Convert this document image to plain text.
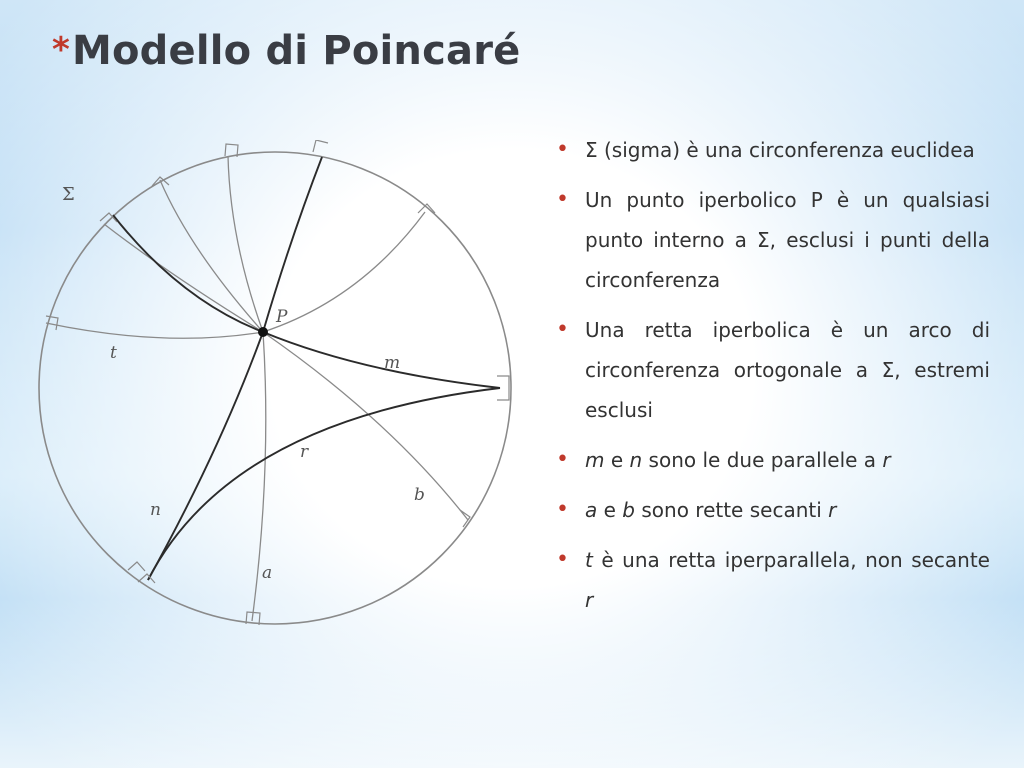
*Modello di Poincaré
Σ
P
t	m
r
b
n
a
• Σ (sigma) è una circonferenza euclidea
• Un punto iperbolico P è un qualsiasi punto interno a Σ, esclusi i punti della circonferenza
• Una retta iperbolica è un arco di circonferenza ortogonale a Σ, estremi esclusi
• m e n sono le due parallele a r
• a e b sono rette secanti r
• t è una retta iperparallela, non secante r
